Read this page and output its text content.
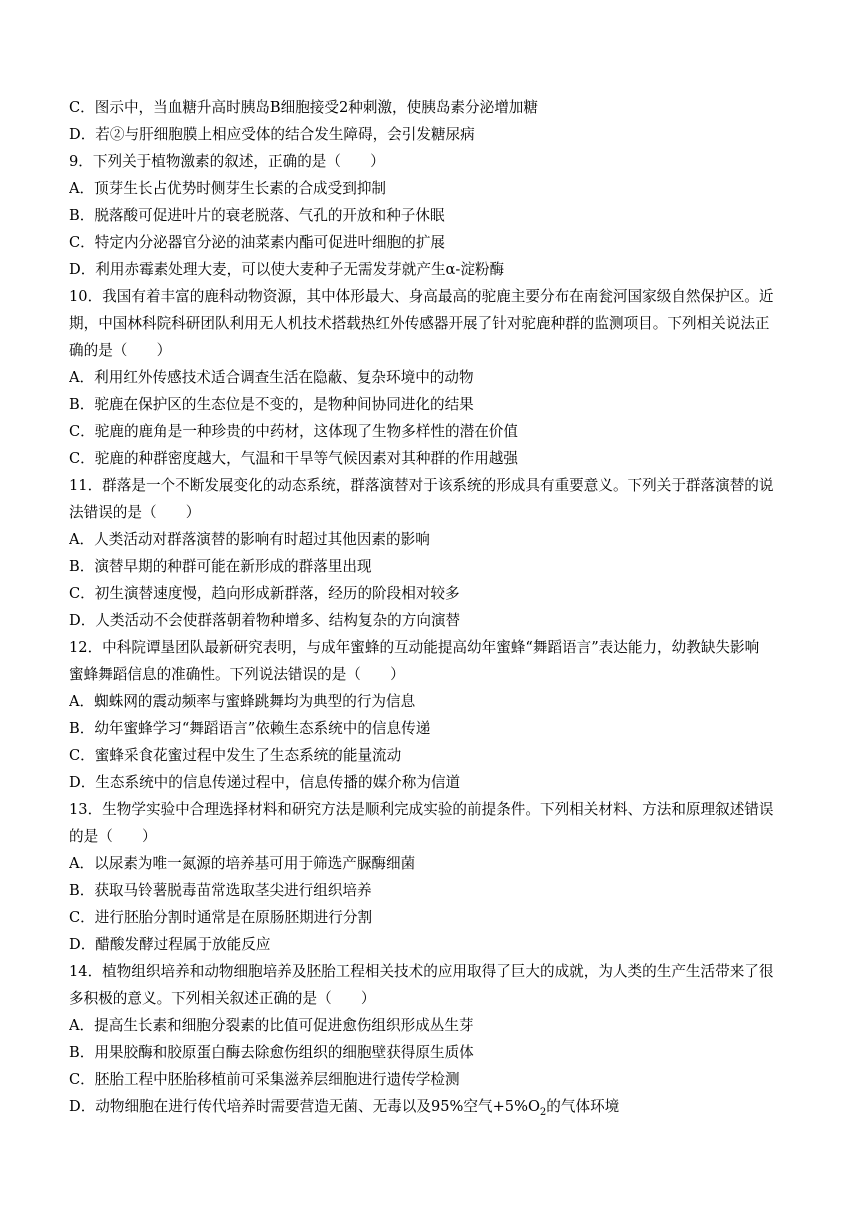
C．图示中，当血糖升高时胰岛B细胞接受2种刺激，使胰岛素分泌增加糖
D．若②与肝细胞膜上相应受体的结合发生障碍，会引发糖尿病
9．下列关于植物激素的叙述，正确的是（　　）
A．顶芽生长占优势时侧芽生长素的合成受到抑制
B．脱落酸可促进叶片的衰老脱落、气孔的开放和种子休眠
C．特定内分泌器官分泌的油菜素内酯可促进叶细胞的扩展
D．利用赤霉素处理大麦，可以使大麦种子无需发芽就产生α-淀粉酶
10．我国有着丰富的鹿科动物资源，其中体形最大、身高最高的驼鹿主要分布在南瓮河国家级自然保护区。近
期，中国林科院科研团队利用无人机技术搭载热红外传感器开展了针对驼鹿种群的监测项目。下列相关说法正
确的是（　　）
A．利用红外传感技术适合调查生活在隐蔽、复杂环境中的动物
B．驼鹿在保护区的生态位是不变的，是物种间协同进化的结果
C．驼鹿的鹿角是一种珍贵的中药材，这体现了生物多样性的潜在价值
C．驼鹿的种群密度越大，气温和干旱等气候因素对其种群的作用越强
11．群落是一个不断发展变化的动态系统，群落演替对于该系统的形成具有重要意义。下列关于群落演替的说
法错误的是（　　）
A．人类活动对群落演替的影响有时超过其他因素的影响
B．演替早期的种群可能在新形成的群落里出现
C．初生演替速度慢，趋向形成新群落，经历的阶段相对较多
D．人类活动不会使群落朝着物种增多、结构复杂的方向演替
12．中科院谭垦团队最新研究表明，与成年蜜蜂的互动能提高幼年蜜蜂“舞蹈语言”表达能力，幼教缺失影响
蜜蜂舞蹈信息的准确性。下列说法错误的是（　　）
A．蜘蛛网的震动频率与蜜蜂跳舞均为典型的行为信息
B．幼年蜜蜂学习“舞蹈语言”依赖生态系统中的信息传递
C．蜜蜂采食花蜜过程中发生了生态系统的能量流动
D．生态系统中的信息传递过程中，信息传播的媒介称为信道
13．生物学实验中合理选择材料和研究方法是顺利完成实验的前提条件。下列相关材料、方法和原理叙述错误
的是（　　）
A．以尿素为唯一氮源的培养基可用于筛选产脲酶细菌
B．获取马铃薯脱毒苗常选取茎尖进行组织培养
C．进行胚胎分割时通常是在原肠胚期进行分割
D．醋酸发酵过程属于放能反应
14．植物组织培养和动物细胞培养及胚胎工程相关技术的应用取得了巨大的成就，为人类的生产生活带来了很
多积极的意义。下列相关叙述正确的是（　　）
A．提高生长素和细胞分裂素的比值可促进愈伤组织形成丛生芽
B．用果胶酶和胶原蛋白酶去除愈伤组织的细胞壁获得原生质体
C．胚胎工程中胚胎移植前可采集滋养层细胞进行遗传学检测
D．动物细胞在进行传代培养时需要营造无菌、无毒以及95%空气$+5\%O_2$的气体环境
